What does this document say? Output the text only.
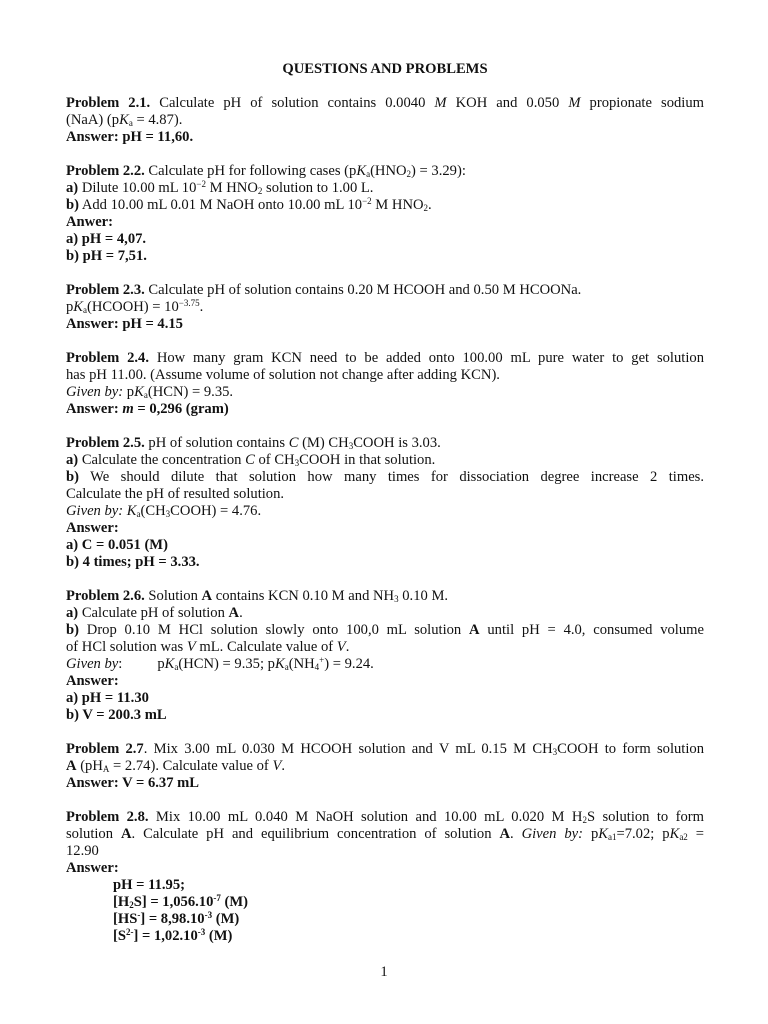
QUESTIONS AND PROBLEMS
Problem 2.1. Calculate pH of solution contains 0.0040 M KOH and 0.050 M propionate sodium
(NaA) $(pK_a = 4.87)$.
Answer: pH = 11,60.
Problem 2.2. Calculate pH for following cases $(pK_a(HNO_2) = 3.29)$:
a) Dilute 10.00 mL $10^{-2}$ M $HNO_2$ solution to 1.00 L.
b) Add 10.00 mL 0.01 M NaOH onto 10.00 mL $10^{-2}$ M $HNO_2$.
Anwer:
a) pH = 4,07.
b) pH = 7,51.
Problem 2.3. Calculate pH of solution contains 0.20 M HCOOH and 0.50 M HCOONa.
$pK_a(HCOOH) = 10^{-3.75}$.
Answer: pH = 4.15
Problem 2.4. How many gram KCN need to be added onto 100.00 mL pure water to get solution
has pH 11.00. (Assume volume of solution not change after adding KCN).
Given by: $pK_a(HCN) = 9.35$.
Answer: m = 0,296 (gram)
Problem 2.5. pH of solution contains C (M) $CH_3COOH$ is 3.03.
a) Calculate the concentration C of $CH_3COOH$ in that solution.
b) We should dilute that solution how many times for dissociation degree increase 2 times.
Calculate the pH of resulted solution.
Given by: $K_a(CH_3COOH) = 4.76$.
Answer:
a) C = 0.051 (M)
b) 4 times; pH = 3.33.
Problem 2.6. Solution A contains KCN 0.10 M and $NH_3$ 0.10 M.
a) Calculate pH of solution A.
b) Drop 0.10 M HCl solution slowly onto 100,0 mL solution A until pH = 4.0, consumed volume
of HCl solution was V mL. Calculate value of V.
Given by: $pK_a(HCN) = 9.35$; $pK_a(NH_4^+) = 9.24$.
Answer:
a) pH = 11.30
b) V = 200.3 mL
Problem 2.7. Mix 3.00 mL 0.030 M HCOOH solution and V mL 0.15 M $CH_3COOH$ to form solution
A $(pH_A = 2.74)$. Calculate value of V.
Answer: V = 6.37 mL
Problem 2.8. Mix 10.00 mL 0.040 M NaOH solution and 10.00 mL 0.020 M $H_2S$ solution to form
solution A. Calculate pH and equilibrium concentration of solution A. Given by: $pK_{a1}=7.02$; $pK_{a2}$ =
12.90
Answer:
pH = 11.95;
$[H_2S] = 1,056.10^{-7}$ (M)
$[HS^-] = 8,98.10^{-3}$ (M)
$[S^{2-}] = 1,02.10^{-3}$ (M)
1
